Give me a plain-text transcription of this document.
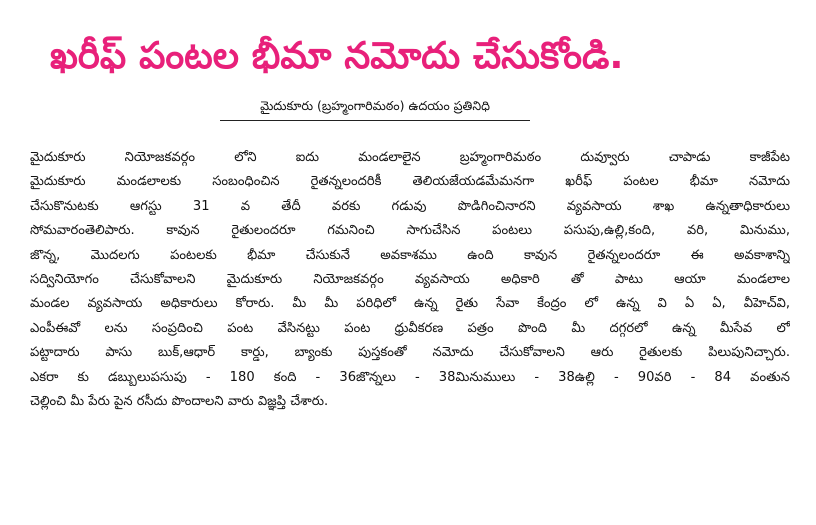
ఖరీఫ్ పంటల భీమా నమోదు చేసుకోండి.
మైదుకూరు (బ్రహ్మంగారిమఠం) ఉదయం ప్రతినిధి
మైదుకూరు నియోజకవర్గం లోని ఐదు మండలాలైన బ్రహ్మంగారిమఠం దువ్వూరు చాపాడు కాజీపేట
మైదుకూరు మండలాలకు సంబంధించిన రైతన్నలందరికీ తెలియజేయడమేమనగా ఖరీఫ్ పంటల భీమా నమోదు
చేసుకొనుటకు ఆగస్టు 31 వ తేదీ వరకు గడువు పొడిగించినారని వ్యవసాయ శాఖ ఉన్నతాధికారులు
సోమవారంతెలిపారు. కావున రైతులందరూ గమనించి సాగుచేసిన పంటలు పసుపు,ఉల్లి,కంది, వరి, మినుము,
జొన్న, మొదలగు పంటలకు భీమా చేసుకునే అవకాశము ఉంది కావున రైతన్నలందరూ ఈ అవకాశాన్ని
సద్వినియోగం చేసుకోవాలని మైదుకూరు నియోజకవర్గం వ్యవసాయ అధికారి తో పాటు ఆయా మండలాల
మండల వ్యవసాయ అధికారులు కోరారు. మీ మీ పరిధిలో ఉన్న రైతు సేవా కేంద్రం లో ఉన్న వి ఏ ఏ, వీహెచ్‌వి,
ఎంపీఈవో లను సంప్రదించి పంట వేసినట్టు పంట ధ్రువీకరణ పత్రం పొంది మీ దగ్గరలో ఉన్న మీసేవ లో
పట్టాదారు పాసు బుక్,ఆధార్ కార్డు, బ్యాంకు పుస్తకంతో నమోదు చేసుకోవాలని ఆరు రైతులకు పిలుపునిచ్చారు.
ఎకరా కు డబ్బులుపసుపు - 180 కంది - 36జొన్నలు - 38మినుములు - 38ఉల్లి - 90వరి - 84 వంతున
చెల్లించి మీ పేరు పైన రసీదు పొందాలని వారు విజ్ఞప్తి చేశారు.
